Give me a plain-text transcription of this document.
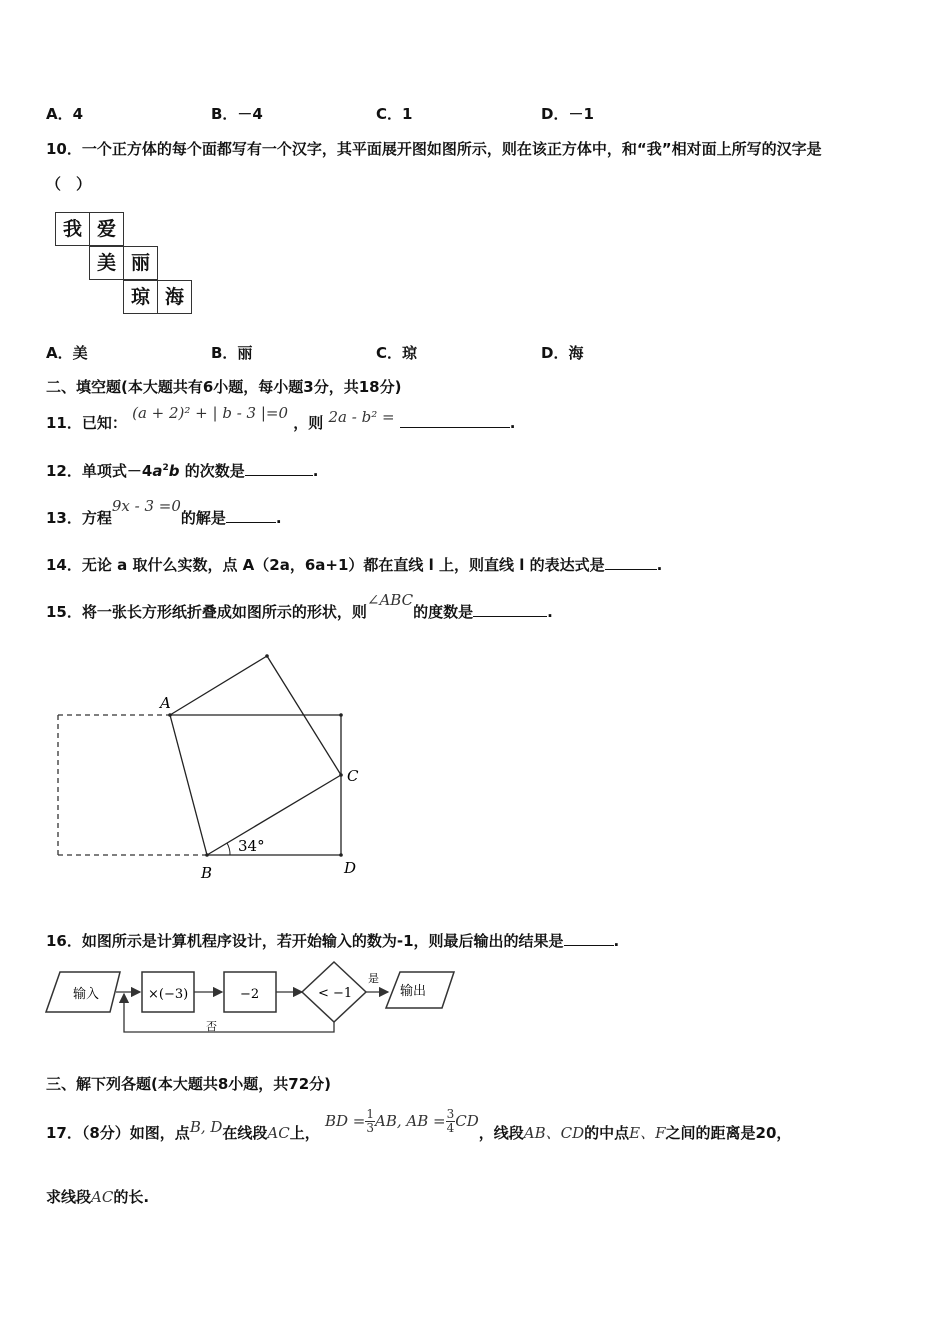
A．4	B．－4	C．1	D．－1
10．一个正方体的每个面都写有一个汉字，其平面展开图如图所示，则在该正方体中，和“我”相对面上所写的汉字是
（　）
我 爱
美 丽
琼 海
A．美	B．丽	C．琼	D．海
二、填空题(本大题共有6小题，每小题3分，共18分)
11．已知： (a + 2)² + | b - 3 |=0 ，则 2a - b² =	.
12．单项式$-4a^2b$ 的次数是	.
13．方程9x - 3 =0的解是	.
14．无论 a 取什么实数，点 A（2a，6a+1）都在直线 l 上，则直线 l 的表达式是	.
15．将一张长方形纸折叠成如图所示的形状，则∠ABC的度数是	.
A
B
C
D
34°
16．如图所示是计算机程序设计，若开始输入的数为-1，则最后输出的结果是	.
输入	×(−3)	−2	< −1
是
输出
否
三、解下列各题(本大题共8小题，共72分)
17．（8分）如图，点B, D在线段AC上， BD = $\frac{1}{3}$ AB, AB = $\frac{3}{4}$ CD，线段AB、CD的中点E、F之间的距离是20，
求线段AC的长.
